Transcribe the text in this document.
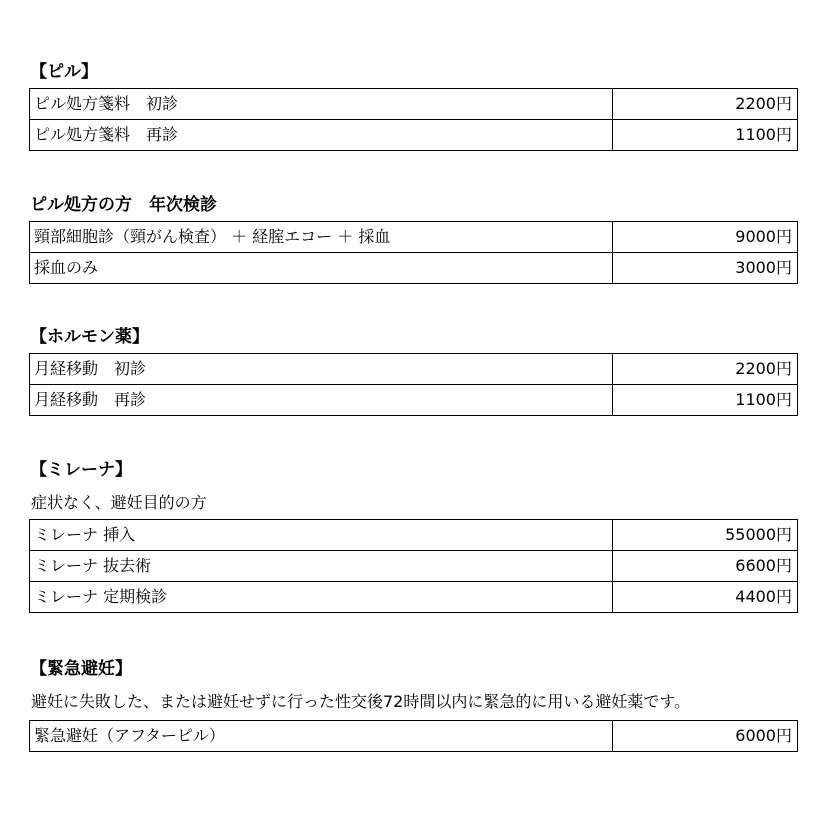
【ピル】
ピル処方箋料　初診	2200円
ピル処方箋料　再診	1100円
ピル処方の方　年次検診
頸部細胞診（頸がん検査） ＋ 経腟エコー ＋ 採血	9000円
採血のみ	3000円
【ホルモン薬】
月経移動　初診	2200円
月経移動　再診	1100円
【ミレーナ】
症状なく、避妊目的の方
ミレーナ 挿入	55000円
ミレーナ 抜去術	6600円
ミレーナ 定期検診	4400円
【緊急避妊】
避妊に失敗した、または避妊せずに行った性交後72時間以内に緊急的に用いる避妊薬です。
緊急避妊（アフターピル）	6000円
